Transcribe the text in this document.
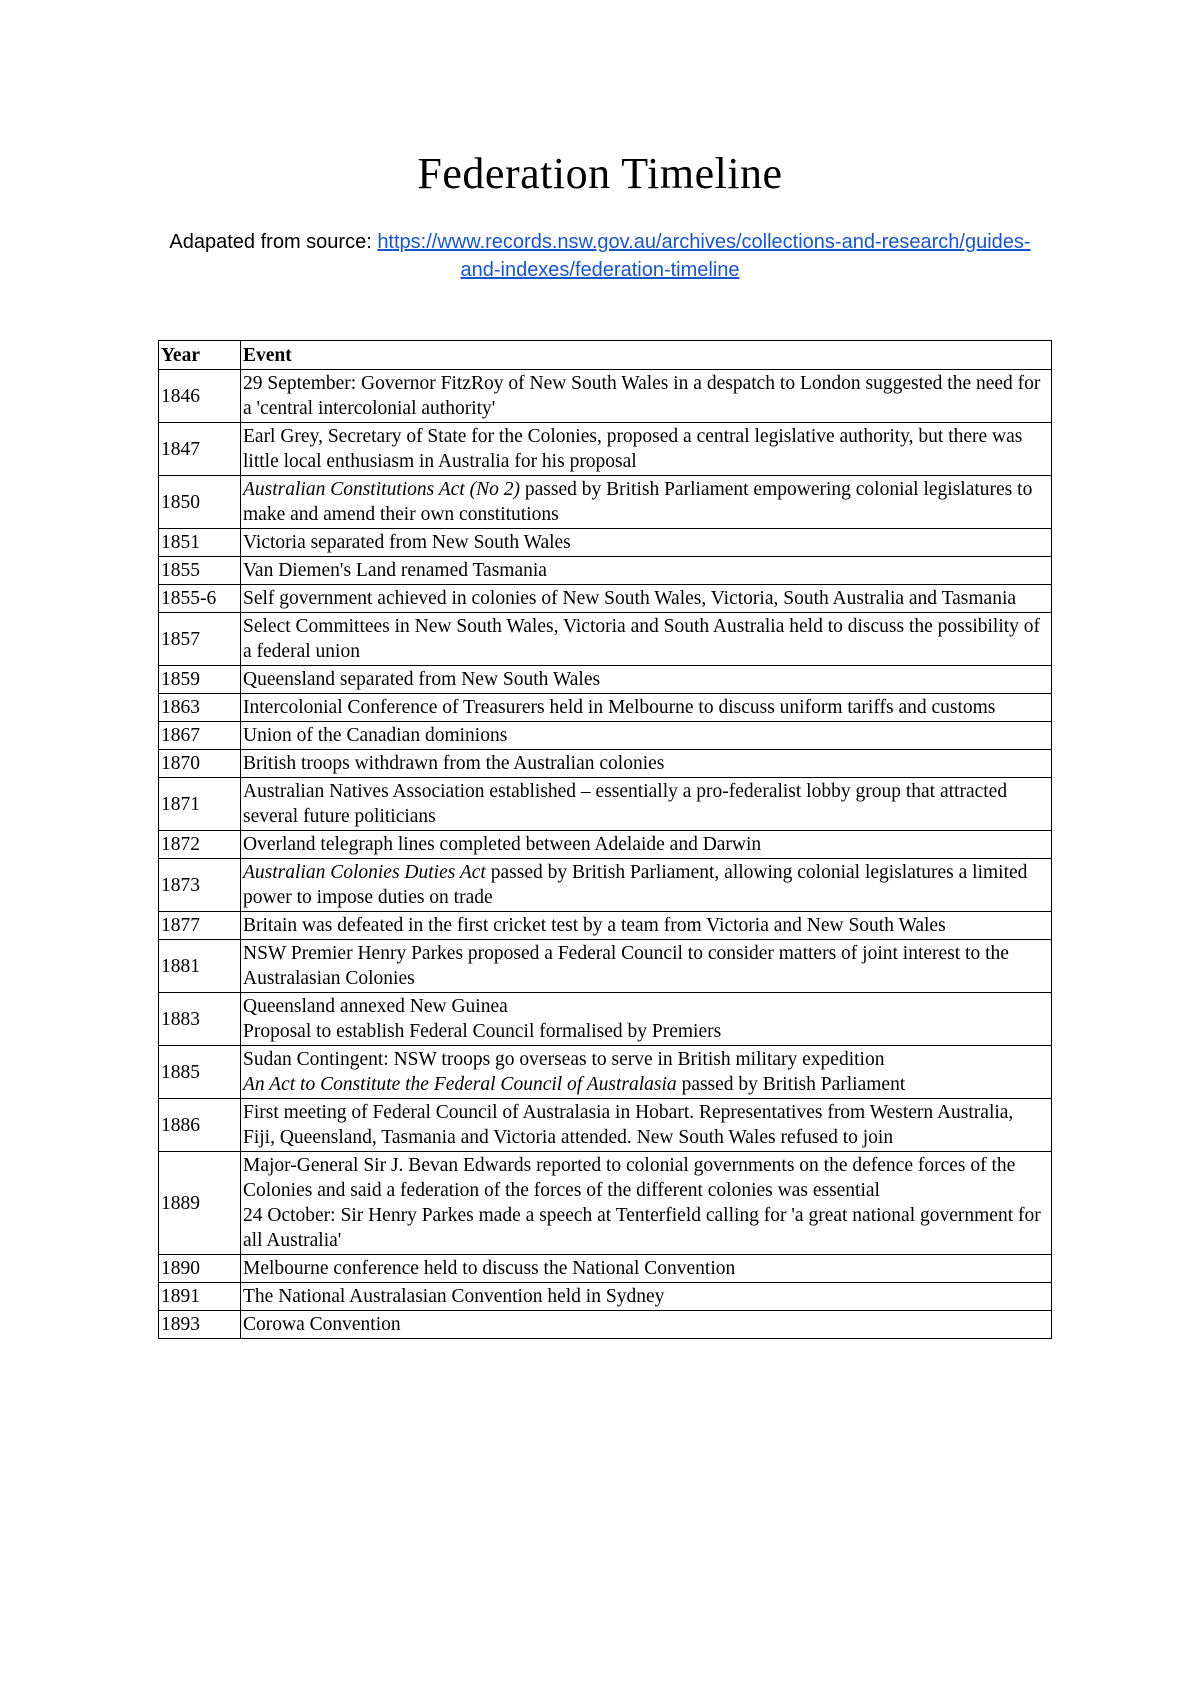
Federation Timeline
Adapated from source: https://www.records.nsw.gov.au/archives/collections-and-research/guides- and-indexes/federation-timeline
Year	Event
1846	29 September: Governor FitzRoy of New South Wales in a despatch to London suggested the need for a 'central intercolonial authority'

1847	Earl Grey, Secretary of State for the Colonies, proposed a central legislative authority, but there was little local enthusiasm in Australia for his proposal

1850	Australian Constitutions Act (No 2) passed by British Parliament empowering colonial legislatures to make and amend their own constitutions

1851	Victoria separated from New South Wales

1855	Van Diemen's Land renamed Tasmania

1855-6	Self government achieved in colonies of New South Wales, Victoria, South Australia and Tasmania

1857	Select Committees in New South Wales, Victoria and South Australia held to discuss the possibility of a federal union

1859	Queensland separated from New South Wales

1863	Intercolonial Conference of Treasurers held in Melbourne to discuss uniform tariffs and customs

1867	Union of the Canadian dominions

1870	British troops withdrawn from the Australian colonies

1871	Australian Natives Association established – essentially a pro-federalist lobby group that attracted several future politicians

1872	Overland telegraph lines completed between Adelaide and Darwin

1873	Australian Colonies Duties Act passed by British Parliament, allowing colonial legislatures a limited power to impose duties on trade

1877	Britain was defeated in the first cricket test by a team from Victoria and New South Wales

1881	NSW Premier Henry Parkes proposed a Federal Council to consider matters of joint interest to the Australasian Colonies

1883	Queensland annexed New Guinea
Proposal to establish Federal Council formalised by Premiers

1885	Sudan Contingent: NSW troops go overseas to serve in British military expedition
An Act to Constitute the Federal Council of Australasia passed by British Parliament

1886	First meeting of Federal Council of Australasia in Hobart. Representatives from Western Australia, Fiji, Queensland, Tasmania and Victoria attended. New South Wales refused to join

1889	Major-General Sir J. Bevan Edwards reported to colonial governments on the defence forces of the Colonies and said a federation of the forces of the different colonies was essential
24 October: Sir Henry Parkes made a speech at Tenterfield calling for 'a great national government for all Australia'

1890	Melbourne conference held to discuss the National Convention

1891	The National Australasian Convention held in Sydney

1893	Corowa Convention
